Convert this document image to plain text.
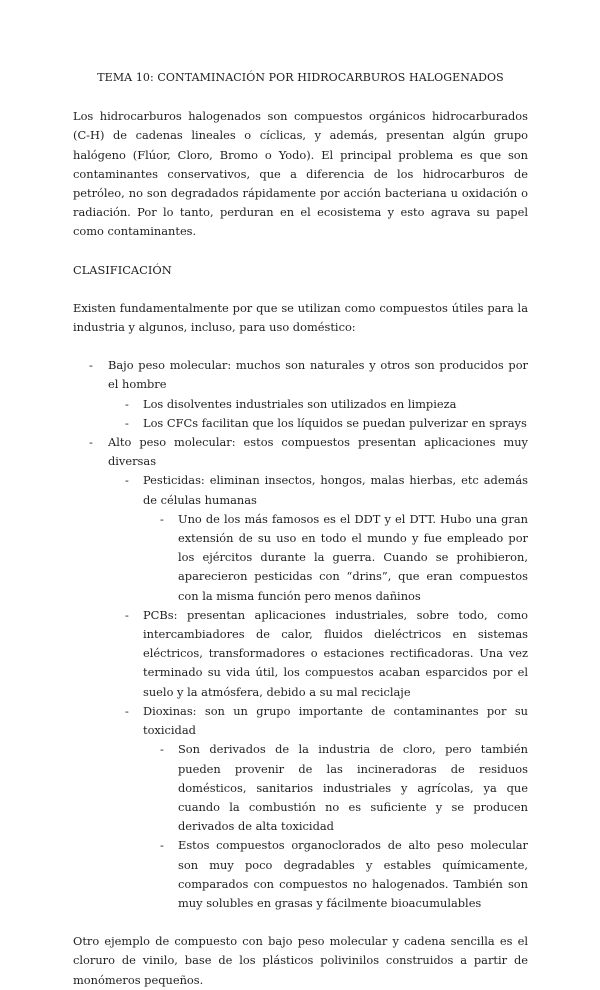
TEMA 10: CONTAMINACIÓN POR HIDROCARBUROS HALOGENADOS

Los hidrocarburos halogenados son compuestos orgánicos hidrocarburados (C-H) de cadenas lineales o cíclicas, y además, presentan algún grupo halógeno (Flúor, Cloro, Bromo o Yodo). El principal problema es que son contaminantes conservativos, que a diferencia de los hidrocarburos de petróleo, no son degradados rápidamente por acción bacteriana u oxidación o radiación. Por lo tanto, perduran en el ecosistema y esto agrava su papel como contaminantes.

CLASIFICACIÓN

Existen fundamentalmente por que se utilizan como compuestos útiles para la industria y algunos, incluso, para uso doméstico:

- Bajo peso molecular: muchos son naturales y otros son producidos por el hombre
- Los disolventes industriales son utilizados en limpieza
- Los CFCs facilitan que los líquidos se puedan pulverizar en sprays
- Alto peso molecular: estos compuestos presentan aplicaciones muy diversas
- Pesticidas: eliminan insectos, hongos, malas hierbas, etc además de células humanas
- Uno de los más famosos es el DDT y el DTT. Hubo una gran extensión de su uso en todo el mundo y fue empleado por los ejércitos durante la guerra. Cuando se prohibieron, aparecieron pesticidas con “drins”, que eran compuestos con la misma función pero menos dañinos
- PCBs: presentan aplicaciones industriales, sobre todo, como intercambiadores de calor, fluidos dieléctricos en sistemas eléctricos, transformadores o estaciones rectificadoras. Una vez terminado su vida útil, los compuestos acaban esparcidos por el suelo y la atmósfera, debido a su mal reciclaje
- Dioxinas: son un grupo importante de contaminantes por su toxicidad
- Son derivados de la industria de cloro, pero también pueden provenir de las incineradoras de residuos domésticos, sanitarios industriales y agrícolas, ya que cuando la combustión no es suficiente y se producen derivados de alta toxicidad
- Estos compuestos organoclorados de alto peso molecular son muy poco degradables y estables químicamente, comparados con compuestos no halogenados. También son muy solubles en grasas y fácilmente bioacumulables

Otro ejemplo de compuesto con bajo peso molecular y cadena sencilla es el cloruro de vinilo, base de los plásticos polivinilos construidos a partir de monómeros pequeños.
